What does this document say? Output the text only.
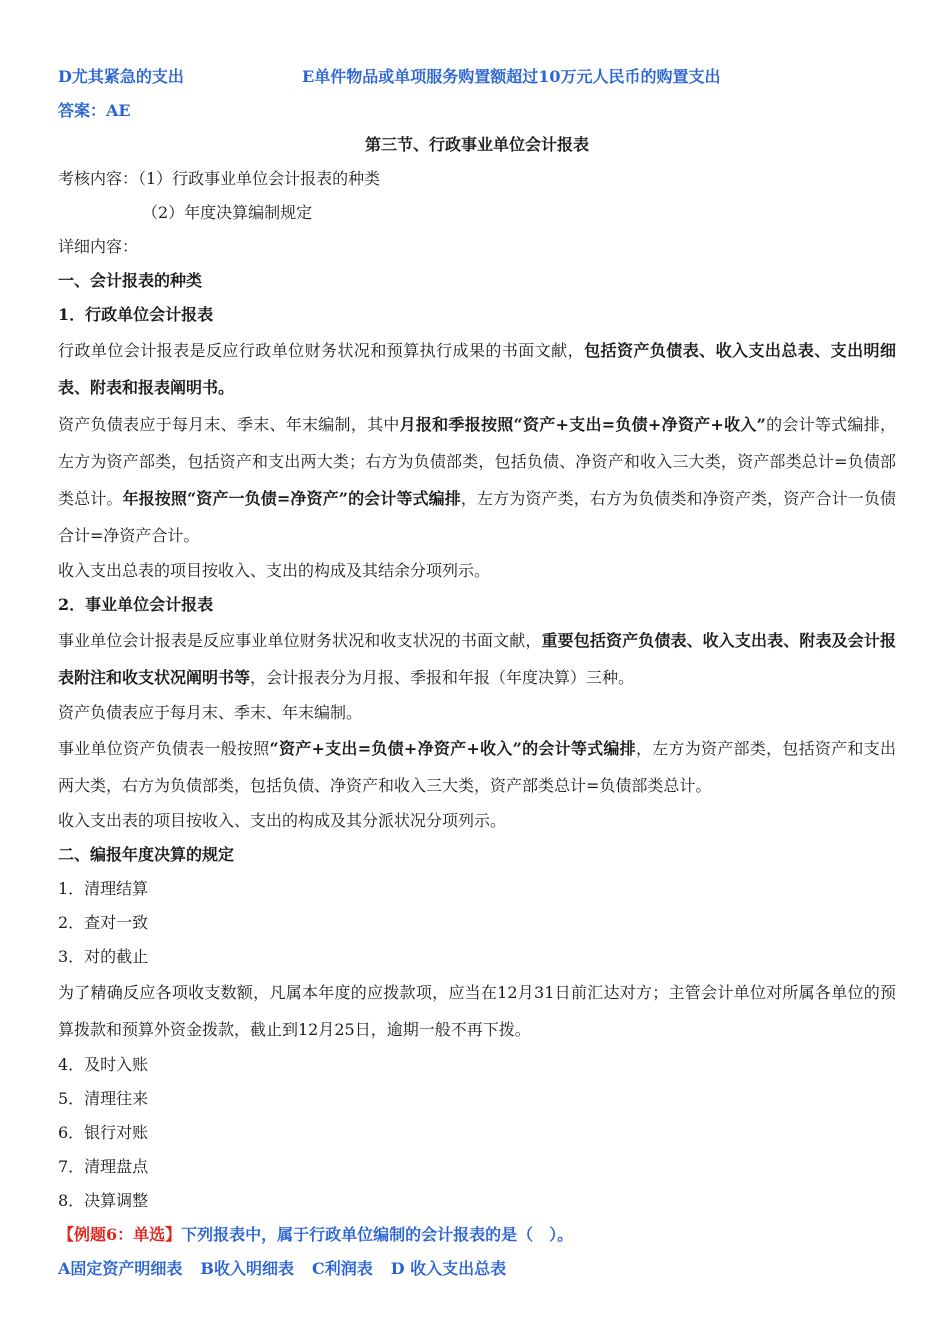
D尤其紧急的支出	E单件物品或单项服务购置额超过10万元人民币的购置支出
答案：AE
第三节、行政事业单位会计报表
考核内容：（1）行政事业单位会计报表的种类
（2）年度决算编制规定
详细内容：
一、会计报表的种类
1．行政单位会计报表
行政单位会计报表是反应行政单位财务状况和预算执行成果的书面文献，包括资产负债表、收入支出总表、支出明细表、附表和报表阐明书。
资产负债表应于每月末、季末、年末编制，其中月报和季报按照“资产+支出=负债+净资产+收入”的会计等式编排，左方为资产部类，包括资产和支出两大类；右方为负债部类，包括负债、净资产和收入三大类，资产部类总计=负债部类总计。年报按照“资产一负债=净资产”的会计等式编排，左方为资产类，右方为负债类和净资产类，资产合计一负债合计=净资产合计。
收入支出总表的项目按收入、支出的构成及其结余分项列示。
2．事业单位会计报表
事业单位会计报表是反应事业单位财务状况和收支状况的书面文献，重要包括资产负债表、收入支出表、附表及会计报表附注和收支状况阐明书等，会计报表分为月报、季报和年报（年度决算）三种。
资产负债表应于每月末、季末、年末编制。
事业单位资产负债表一般按照“资产+支出=负债+净资产+收入”的会计等式编排，左方为资产部类，包括资产和支出两大类，右方为负债部类，包括负债、净资产和收入三大类，资产部类总计=负债部类总计。
收入支出表的项目按收入、支出的构成及其分派状况分项列示。
二、编报年度决算的规定
1．清理结算
2．查对一致
3．对的截止
为了精确反应各项收支数额，凡属本年度的应拨款项，应当在12月31日前汇达对方；主管会计单位对所属各单位的预算拨款和预算外资金拨款，截止到12月25日，逾期一般不再下拨。
4．及时入账
5．清理往来
6．银行对账
7．清理盘点
8．决算调整
【例题6：单选】下列报表中，属于行政单位编制的会计报表的是（　）。
A固定资产明细表 B收入明细表 C利润表 D 收入支出总表
